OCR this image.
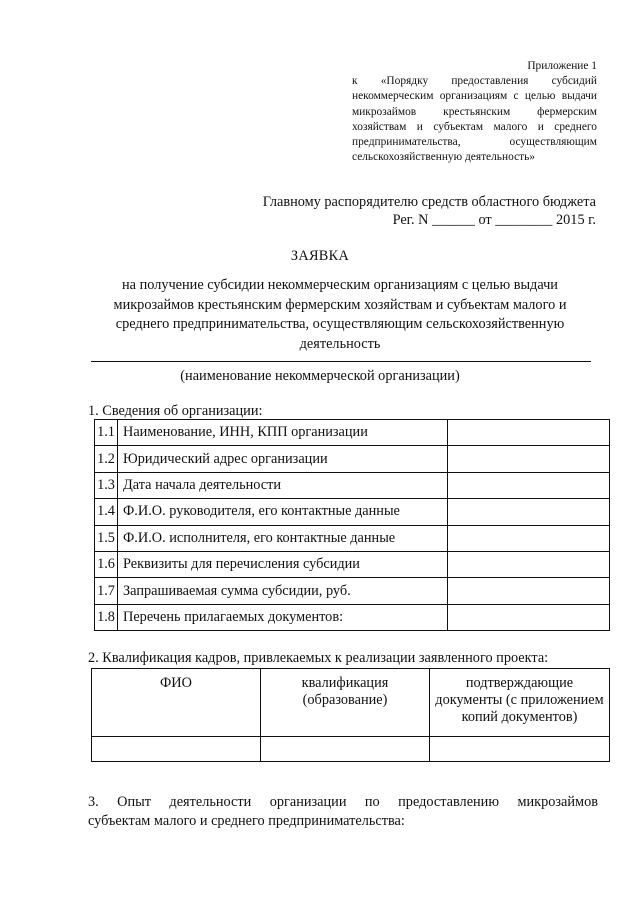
Приложение 1
к «Порядку предоставления субсидий некоммерческим организациям с целью выдачи микрозаймов крестьянским фермерским хозяйствам и субъектам малого и среднего предпринимательства, осуществляющим сельскохозяйственную деятельность»
Главному распорядителю средств областного бюджета
Рег. N ______ от ________ 2015 г.
ЗАЯВКА
на получение субсидии некоммерческим организациям с целью выдачи микрозаймов крестьянским фермерским хозяйствам и субъектам малого и среднего предпринимательства, осуществляющим сельскохозяйственную деятельность
(наименование некоммерческой организации)
1. Сведения об организации:
1.1	Наименование, ИНН, КПП организации	
1.2	Юридический адрес организации	
1.3	Дата начала деятельности	
1.4	Ф.И.О. руководителя, его контактные данные	
1.5	Ф.И.О. исполнителя, его контактные данные	
1.6	Реквизиты для перечисления субсидии	
1.7	Запрашиваемая сумма субсидии, руб.	
1.8	Перечень прилагаемых документов:	
2. Квалификация кадров, привлекаемых к реализации заявленного проекта:
ФИО	квалификация (образование)	подтверждающие документы (с приложением копий документов)

3. Опыт деятельности организации по предоставлению микрозаймов
субъектам малого и среднего предпринимательства:
